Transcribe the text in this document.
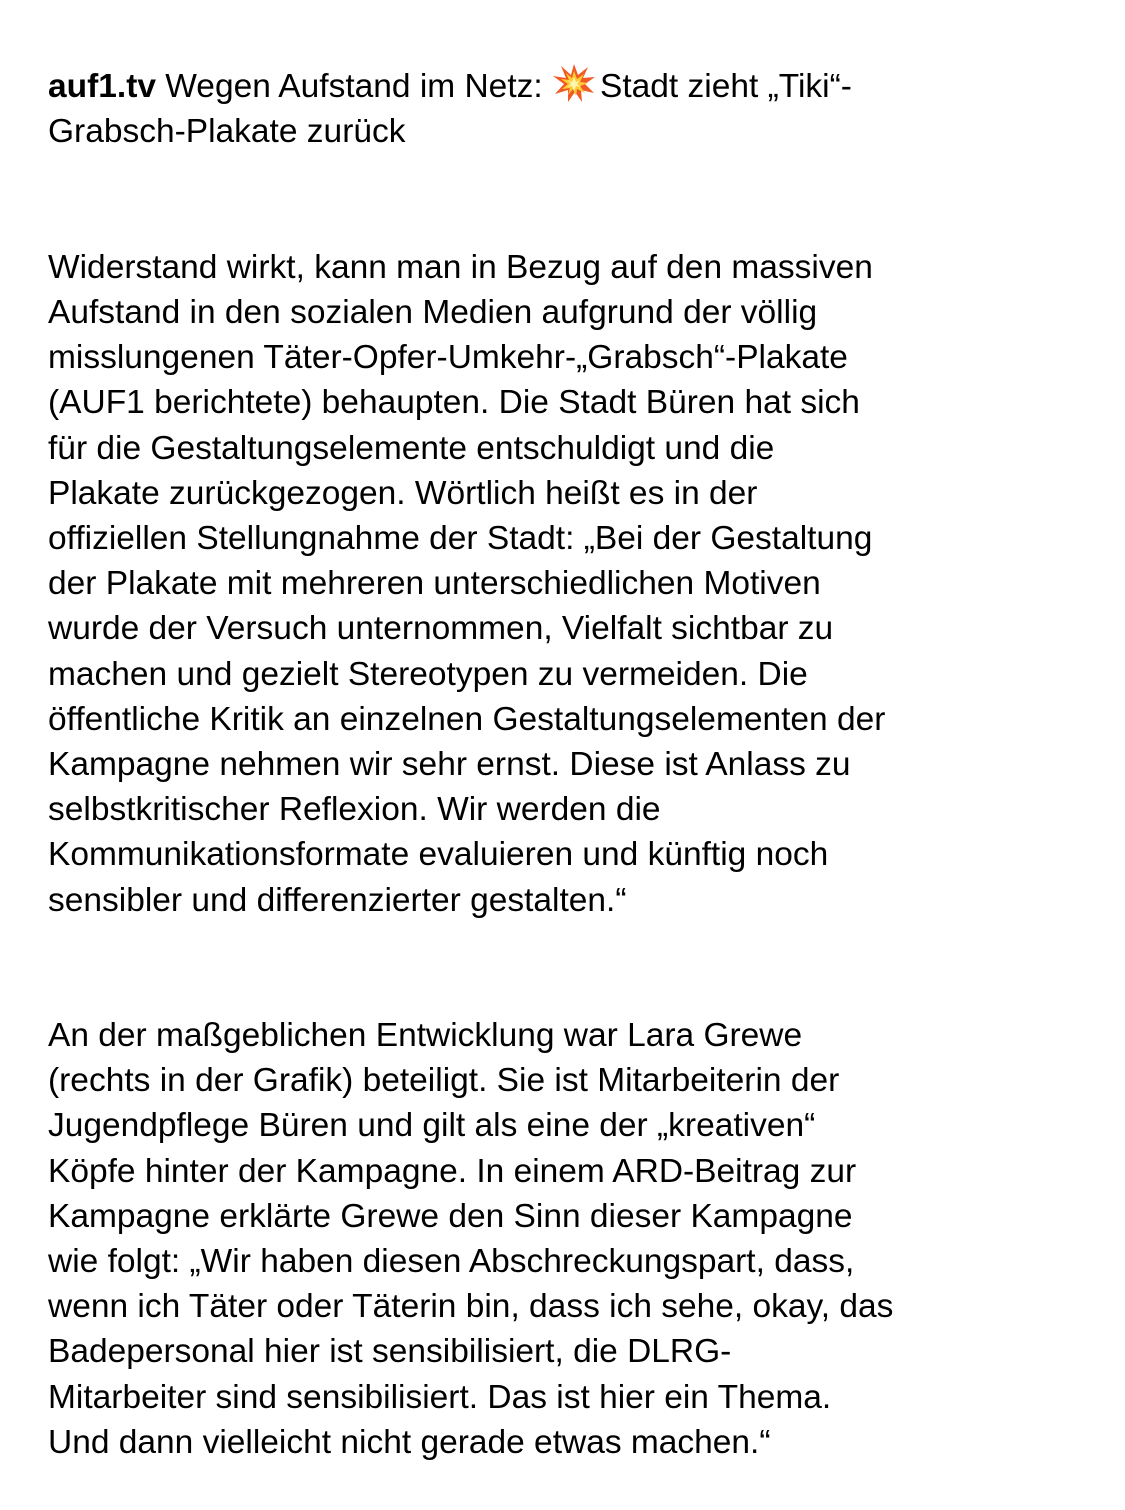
auf1.tv Wegen Aufstand im Netz: Stadt zieht „Tiki“-
Grabsch-Plakate zurück

Widerstand wirkt, kann man in Bezug auf den massiven
Aufstand in den sozialen Medien aufgrund der völlig
misslungenen Täter-Opfer-Umkehr-„Grabsch“-Plakate
(AUF1 berichtete) behaupten. Die Stadt Büren hat sich
für die Gestaltungselemente entschuldigt und die
Plakate zurückgezogen. Wörtlich heißt es in der
offiziellen Stellungnahme der Stadt: „Bei der Gestaltung
der Plakate mit mehreren unterschiedlichen Motiven
wurde der Versuch unternommen, Vielfalt sichtbar zu
machen und gezielt Stereotypen zu vermeiden. Die
öffentliche Kritik an einzelnen Gestaltungselementen der
Kampagne nehmen wir sehr ernst. Diese ist Anlass zu
selbstkritischer Reflexion. Wir werden die
Kommunikationsformate evaluieren und künftig noch
sensibler und differenzierter gestalten.“

An der maßgeblichen Entwicklung war Lara Grewe
(rechts in der Grafik) beteiligt. Sie ist Mitarbeiterin der
Jugendpflege Büren und gilt als eine der „kreativen“
Köpfe hinter der Kampagne. In einem ARD-Beitrag zur
Kampagne erklärte Grewe den Sinn dieser Kampagne
wie folgt: „Wir haben diesen Abschreckungspart, dass,
wenn ich Täter oder Täterin bin, dass ich sehe, okay, das
Badepersonal hier ist sensibilisiert, die DLRG-
Mitarbeiter sind sensibilisiert. Das ist hier ein Thema.
Und dann vielleicht nicht gerade etwas machen.“
